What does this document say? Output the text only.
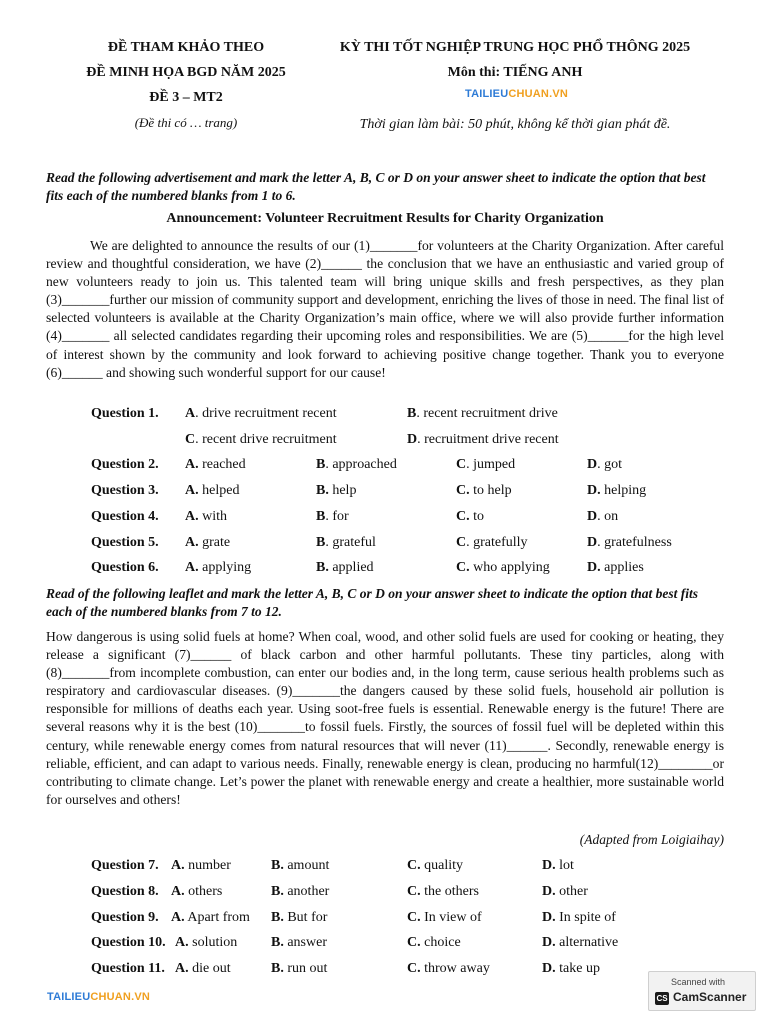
ĐỀ THAM KHẢO THEO
ĐỀ MINH HỌA BGD NĂM 2025
ĐỀ 3 – MT2
(Đề thi có … trang)
KỲ THI TỐT NGHIỆP TRUNG HỌC PHỔ THÔNG 2025
Môn thi: TIẾNG ANH
TAILIEUCHUAN.VN
Thời gian làm bài: 50 phút, không kể thời gian phát đề.
Read the following advertisement and mark the letter A, B, C or D on your answer sheet to indicate the option that best fits each of the numbered blanks from 1 to 6.
Announcement: Volunteer Recruitment Results for Charity Organization
We are delighted to announce the results of our (1)_______for volunteers at the Charity Organization. After careful review and thoughtful consideration, we have (2)______ the conclusion that we have an enthusiastic and varied group of new volunteers ready to join us. This talented team will bring unique skills and fresh perspectives, as they plan (3)_______further our mission of community support and development, enriching the lives of those in need. The final list of selected volunteers is available at the Charity Organization’s main office, where we will also provide further information (4)_______ all selected candidates regarding their upcoming roles and responsibilities. We are (5)______for the high level of interest shown by the community and look forward to achieving positive change together. Thank you to everyone (6)______ and showing such wonderful support for our cause!
Question 1. A. drive recruitment recent	B. recent recruitment drive
C. recent drive recruitment	D. recruitment drive recent
Question 2. A. reached	B. approached	C. jumped	D. got
Question 3. A. helped	B. help	C. to help	D. helping
Question 4. A. with	B. for	C. to	D. on
Question 5. A. grate	B. grateful	C. gratefully	D. gratefulness
Question 6. A. applying	B. applied	C. who applying	D. applies
Read of the following leaflet and mark the letter A, B, C or D on your answer sheet to indicate the option that best fits each of the numbered blanks from 7 to 12.
How dangerous is using solid fuels at home? When coal, wood, and other solid fuels are used for cooking or heating, they release a significant (7)______ of black carbon and other harmful pollutants. These tiny particles, along with (8)_______from incomplete combustion, can enter our bodies and, in the long term, cause serious health problems such as respiratory and cardiovascular diseases. (9)_______the dangers caused by these solid fuels, household air pollution is responsible for millions of deaths each year. Using soot-free fuels is essential. Renewable energy is the future! There are several reasons why it is the best (10)_______to fossil fuels. Firstly, the sources of fossil fuel will be depleted within this century, while renewable energy comes from natural resources that will never (11)______. Secondly, renewable energy is reliable, efficient, and can adapt to various needs. Finally, renewable energy is clean, producing no harmful(12)________or contributing to climate change. Let’s power the planet with renewable energy and create a healthier, more sustainable world for ourselves and others!
(Adapted from Loigiaihay)
Question 7. A. number	B. amount	C. quality	D. lot
Question 8. A. others	B. another	C. the others	D. other
Question 9. A. Apart from B. But for	C. In view of	D. In spite of
Question 10. A. solution B. answer	C. choice	D. alternative
Question 11. A. die out	B. run out	C. throw away	D. take up
TAILIEUCHUAN.VN
Scanned with
CS CamScanner
